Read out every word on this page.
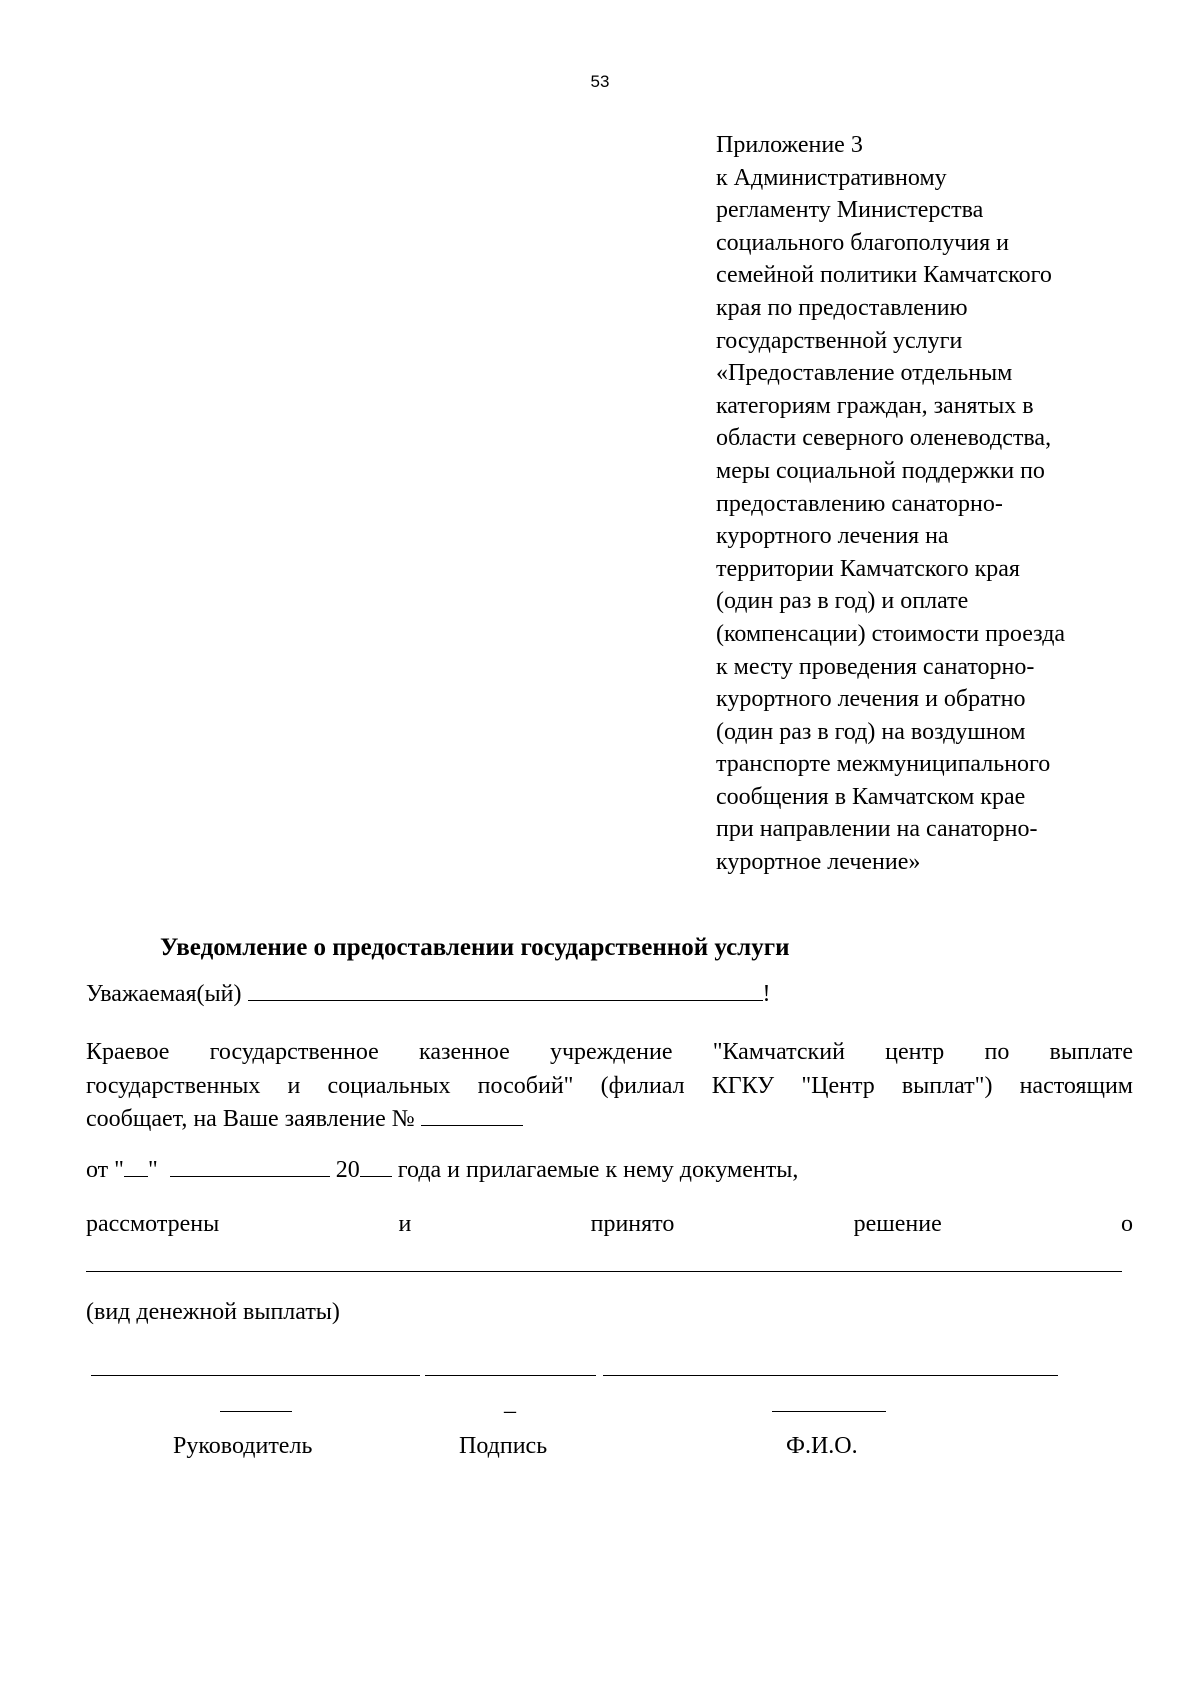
53
Приложение 3
к Административному
регламенту Министерства
социального благополучия и
семейной политики Камчатского
края по предоставлению
государственной услуги
«Предоставление отдельным
категориям граждан, занятых в
области северного оленеводства,
меры социальной поддержки по
предоставлению санаторно-
курортного лечения на
территории Камчатского края
(один раз в год) и оплате
(компенсации) стоимости проезда
к месту проведения санаторно-
курортного лечения и обратно
(один раз в год) на воздушном
транспорте межмуниципального
сообщения в Камчатском крае
при направлении на санаторно-
курортное лечение»
Уведомление о предоставлении государственной услуги
Уважаемая(ый)	!
Краевое государственное казенное учреждение "Камчатский центр по выплате
государственных и социальных пособий" (филиал КГКУ "Центр выплат") настоящим
сообщает, на Ваше заявление №
от " "	20 года и прилагаемые к нему документы,
рассмотрены	и	принято	решение	о
(вид денежной выплаты)
_
Руководитель	Подпись	Ф.И.О.
